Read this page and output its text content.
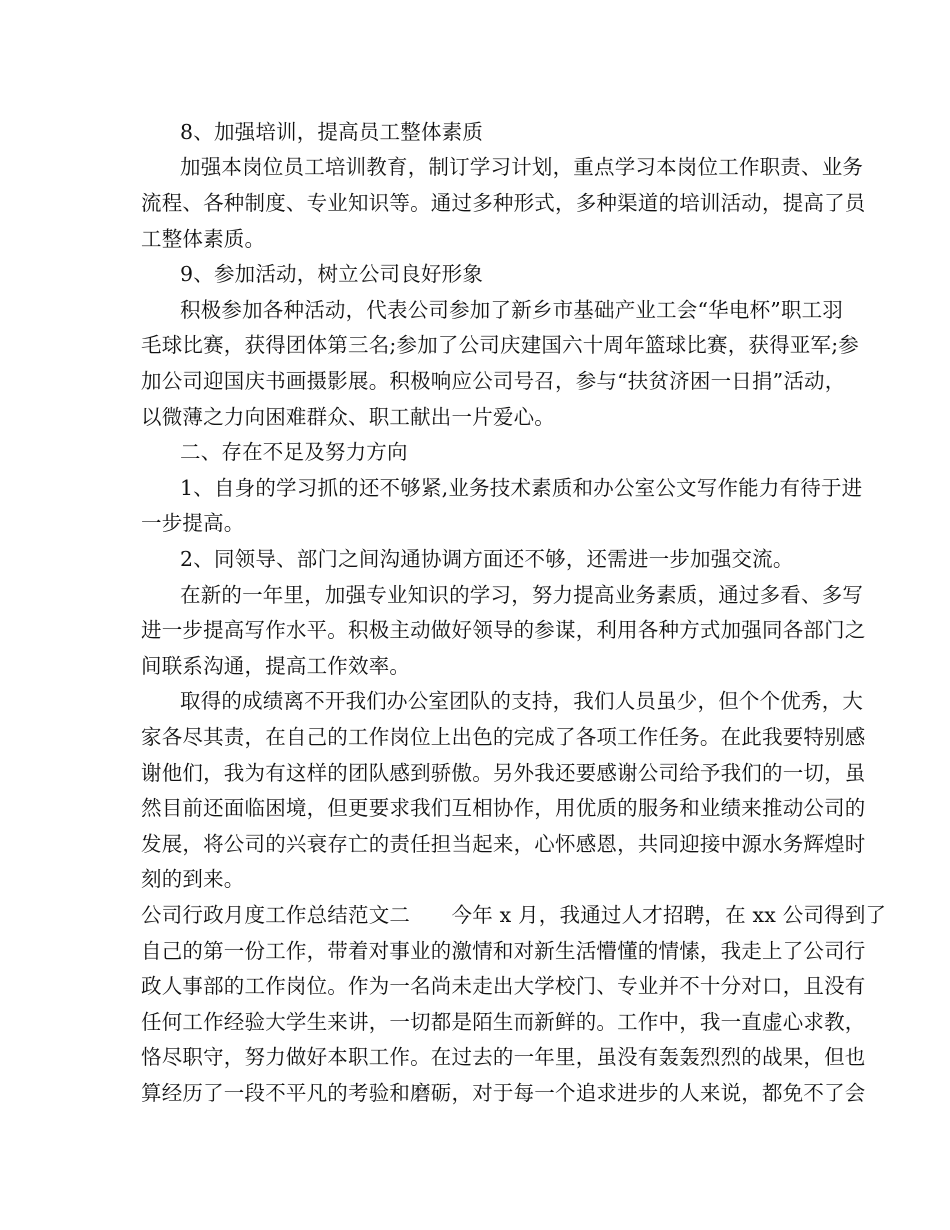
8、加强培训，提高员工整体素质
加强本岗位员工培训教育，制订学习计划，重点学习本岗位工作职责、业务
流程、各种制度、专业知识等。通过多种形式，多种渠道的培训活动，提高了员
工整体素质。
9、参加活动，树立公司良好形象
积极参加各种活动，代表公司参加了新乡市基础产业工会“华电杯”职工羽
毛球比赛，获得团体第三名;参加了公司庆建国六十周年篮球比赛，获得亚军;参
加公司迎国庆书画摄影展。积极响应公司号召，参与“扶贫济困一日捐”活动，
以微薄之力向困难群众、职工献出一片爱心。
二、存在不足及努力方向
1、自身的学习抓的还不够紧,业务技术素质和办公室公文写作能力有待于进
一步提高。
2、同领导、部门之间沟通协调方面还不够，还需进一步加强交流。
在新的一年里，加强专业知识的学习，努力提高业务素质，通过多看、多写
进一步提高写作水平。积极主动做好领导的参谋，利用各种方式加强同各部门之
间联系沟通，提高工作效率。
取得的成绩离不开我们办公室团队的支持，我们人员虽少，但个个优秀，大
家各尽其责，在自己的工作岗位上出色的完成了各项工作任务。在此我要特别感
谢他们，我为有这样的团队感到骄傲。另外我还要感谢公司给予我们的一切，虽
然目前还面临困境，但更要求我们互相协作，用优质的服务和业绩来推动公司的
发展，将公司的兴衰存亡的责任担当起来，心怀感恩，共同迎接中源水务辉煌时
刻的到来。
公司行政月度工作总结范文二　　今年 x 月，我通过人才招聘，在 xx 公司得到了
自己的第一份工作，带着对事业的激情和对新生活懵懂的情愫，我走上了公司行
政人事部的工作岗位。作为一名尚未走出大学校门、专业并不十分对口，且没有
任何工作经验大学生来讲，一切都是陌生而新鲜的。工作中，我一直虚心求教，
恪尽职守，努力做好本职工作。在过去的一年里，虽没有轰轰烈烈的战果，但也
算经历了一段不平凡的考验和磨砺，对于每一个追求进步的人来说，都免不了会
